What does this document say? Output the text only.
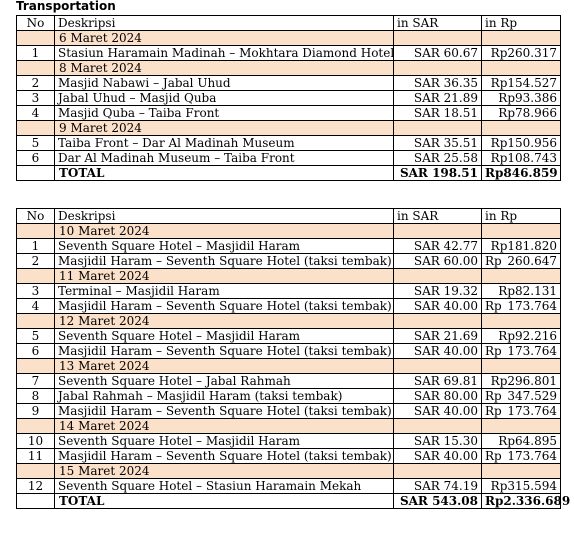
Transportation
No	Deskripsi	in SAR	in Rp
	6 Maret 2024		
1	Stasiun Haramain Madinah – Mokhtara Diamond Hotel	SAR 60.67	Rp260.317
	8 Maret 2024		
2	Masjid Nabawi – Jabal Uhud	SAR 36.35	Rp154.527
3	Jabal Uhud – Masjid Quba	SAR 21.89	Rp93.386
4	Masjid Quba – Taiba Front	SAR 18.51	Rp78.966
	9 Maret 2024		
5	Taiba Front – Dar Al Madinah Museum	SAR 35.51	Rp150.956
6	Dar Al Madinah Museum – Taiba Front	SAR 25.58	Rp108.743
	TOTAL	SAR 198.51	Rp846.859
No	Deskripsi	in SAR	in Rp
	10 Maret 2024		
1	Seventh Square Hotel – Masjidil Haram	SAR 42.77	Rp181.820
2	Masjidil Haram – Seventh Square Hotel (taksi tembak)	SAR 60.00	Rp 260.647
	11 Maret 2024		
3	Terminal – Masjidil Haram	SAR 19.32	Rp82.131
4	Masjidil Haram – Seventh Square Hotel (taksi tembak)	SAR 40.00	Rp 173.764
	12 Maret 2024		
5	Seventh Square Hotel – Masjidil Haram	SAR 21.69	Rp92.216
6	Masjidil Haram – Seventh Square Hotel (taksi tembak)	SAR 40.00	Rp 173.764
	13 Maret 2024		
7	Seventh Square Hotel – Jabal Rahmah	SAR 69.81	Rp296.801
8	Jabal Rahmah – Masjidil Haram (taksi tembak)	SAR 80.00	Rp 347.529
9	Masjidil Haram – Seventh Square Hotel (taksi tembak)	SAR 40.00	Rp 173.764
	14 Maret 2024		
10	Seventh Square Hotel – Masjidil Haram	SAR 15.30	Rp64.895
11	Masjidil Haram – Seventh Square Hotel (taksi tembak)	SAR 40.00	Rp 173.764
	15 Maret 2024		
12	Seventh Square Hotel – Stasiun Haramain Mekah	SAR 74.19	Rp315.594
	TOTAL	SAR 543.08	Rp2.336.689
